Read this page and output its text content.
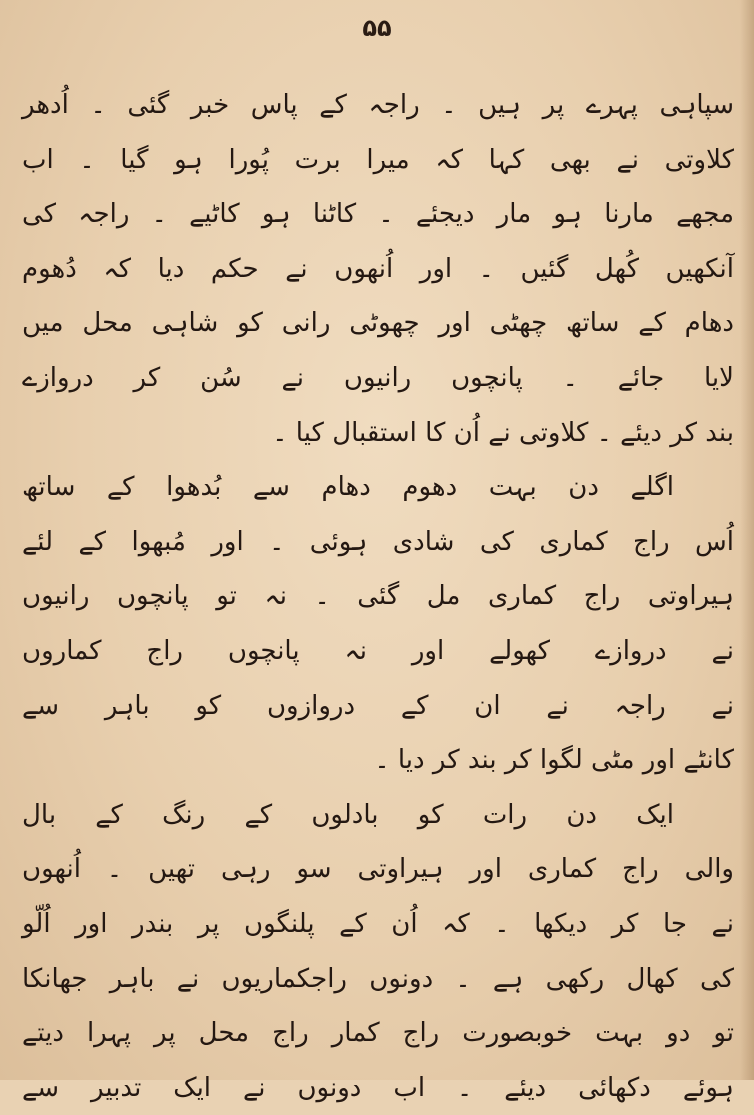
۵۵
سپاہی پہرے پر ہیں ۔ راجہ کے پاس خبر گئی ۔ اُدھر
کلاوتی نے بھی کہا کہ میرا برت پُورا ہو گیا ۔ اب
مجھے مارنا ہو مار دیجئے ۔ کاٹنا ہو کاٹیے ۔ راجہ کی
آنکھیں کُھل گئیں ۔ اور اُنھوں نے حکم دیا کہ دُھوم
دھام کے ساتھ چھٹی اور چھوٹی رانی کو شاہی محل میں
لایا جائے ۔ پانچوں رانیوں نے سُن کر دروازے
بند کر دیئے ۔ کلاوتی نے اُن کا استقبال کیا ۔
اگلے دن بہت دھوم دھام سے بُدھوا کے ساتھ
اُس راج کماری کی شادی ہوئی ۔ اور مُبھوا کے لئے
ہیراوتی راج کماری مل گئی ۔ نہ تو پانچوں رانیوں
نے دروازے کھولے اور نہ پانچوں راج کماروں
نے راجہ نے ان کے دروازوں کو باہر سے
کانٹے اور مٹی لگوا کر بند کر دیا ۔
ایک دن رات کو بادلوں کے رنگ کے بال
والی راج کماری اور ہیراوتی سو رہی تھیں ۔ اُنھوں
نے جا کر دیکھا ۔ کہ اُن کے پلنگوں پر بندر اور اُلّو
کی کھال رکھی ہے ۔ دونوں راجکماریوں نے باہر جھانکا
تو دو بہت خوبصورت راج کمار راج محل پر پہرا دیتے
ہوئے دکھائی دیئے ۔ اب دونوں نے ایک تدبیر سے
